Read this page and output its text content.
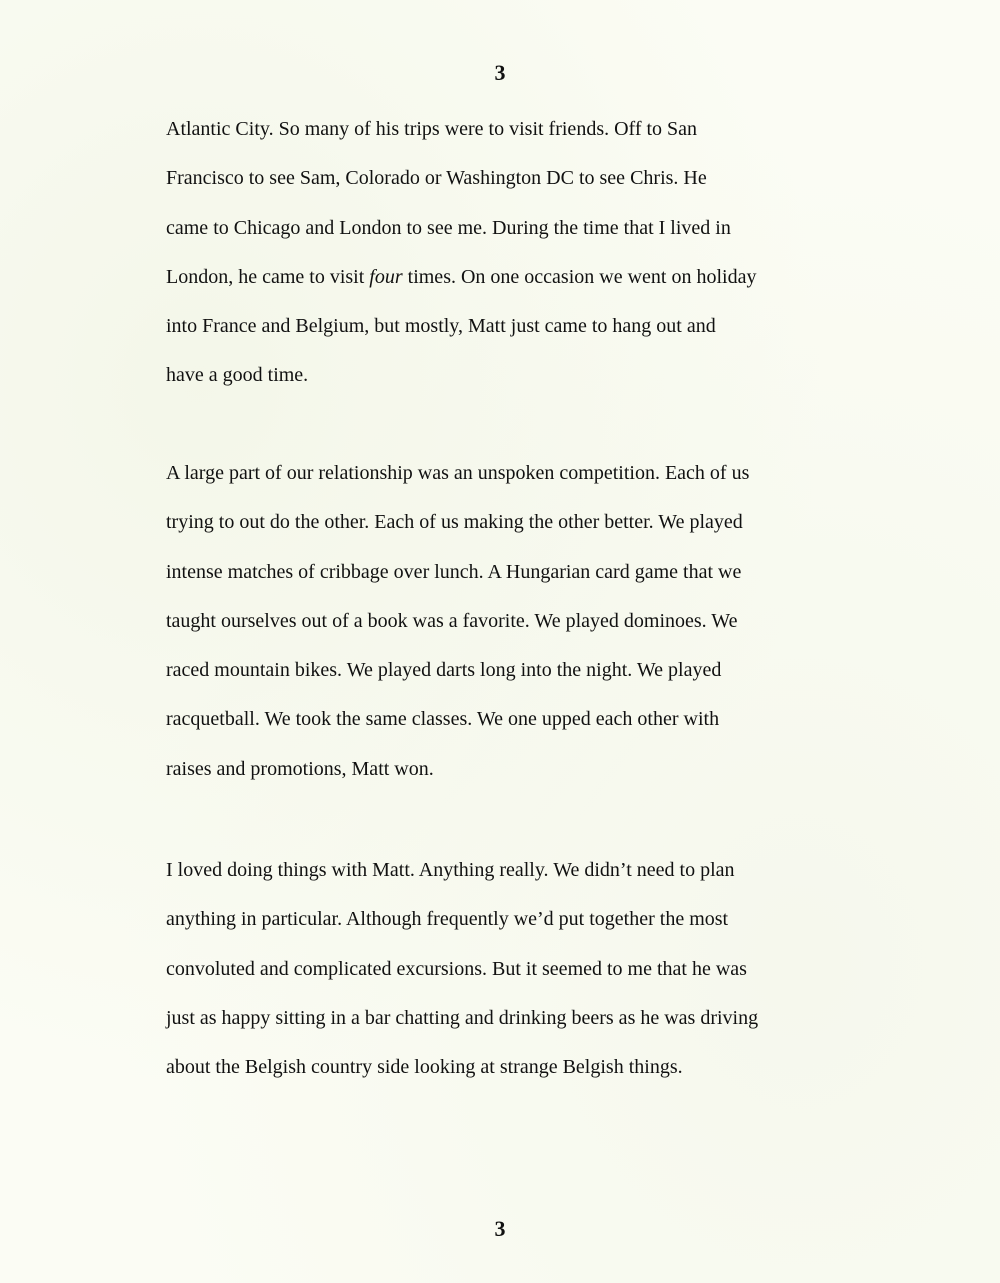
3

Atlantic City. So many of his trips were to visit friends. Off to San
Francisco to see Sam, Colorado or Washington DC to see Chris. He
came to Chicago and London to see me. During the time that I lived in
London, he came to visit four times. On one occasion we went on holiday
into France and Belgium, but mostly, Matt just came to hang out and
have a good time.

A large part of our relationship was an unspoken competition. Each of us
trying to out do the other. Each of us making the other better. We played
intense matches of cribbage over lunch. A Hungarian card game that we
taught ourselves out of a book was a favorite. We played dominoes. We
raced mountain bikes. We played darts long into the night. We played
racquetball. We took the same classes. We one upped each other with
raises and promotions, Matt won.

I loved doing things with Matt. Anything really. We didn’t need to plan
anything in particular. Although frequently we’d put together the most
convoluted and complicated excursions. But it seemed to me that he was
just as happy sitting in a bar chatting and drinking beers as he was driving
about the Belgish country side looking at strange Belgish things.

3
